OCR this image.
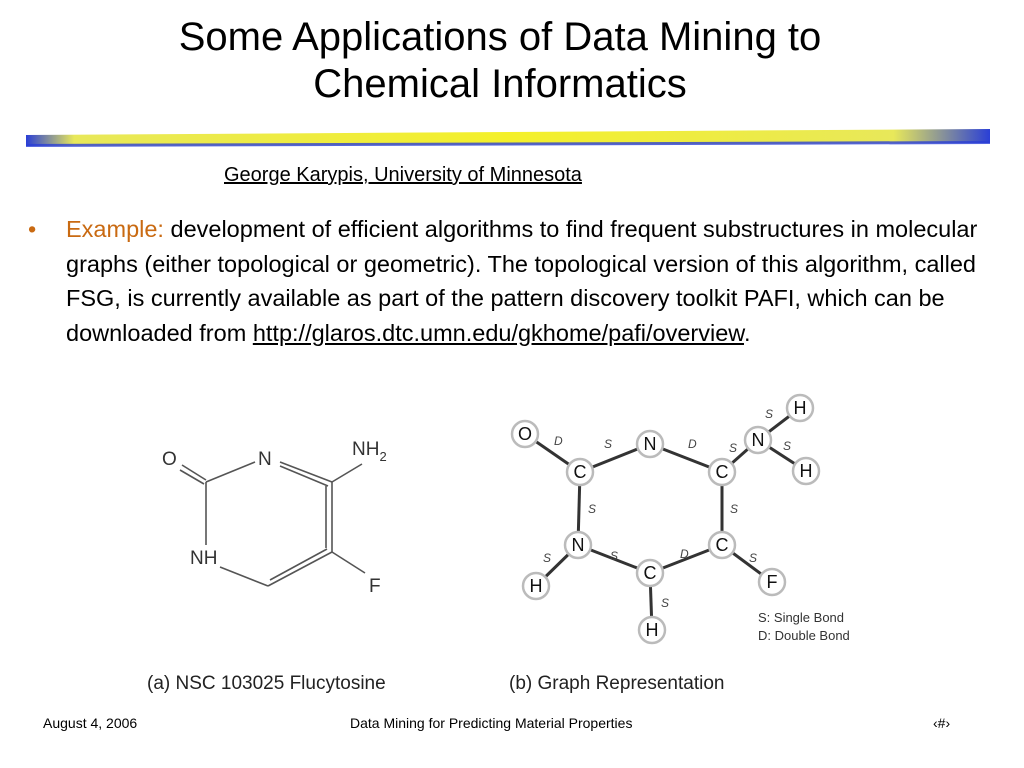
Some Applications of Data Mining to
Chemical Informatics
George Karypis, University of Minnesota
•	Example: development of efficient algorithms to find frequent substructures in molecular graphs (either topological or geometric). The topological version of this algorithm, called FSG, is currently available as part of the pattern discovery toolkit PAFI, which can be downloaded from http://glaros.dtc.umn.edu/gkhome/pafi/overview.
O	N	$NH_2$
NH
F
D	S	D	S
S
S
S
S	S	D
S
S
S
O
C
N
C
N
H
H
N
H
C
C
F
H
S: Single Bond
D: Double Bond
(a) NSC 103025 Flucytosine	(b) Graph Representation
August 4, 2006	Data Mining for Predicting Material Properties	‹#›
